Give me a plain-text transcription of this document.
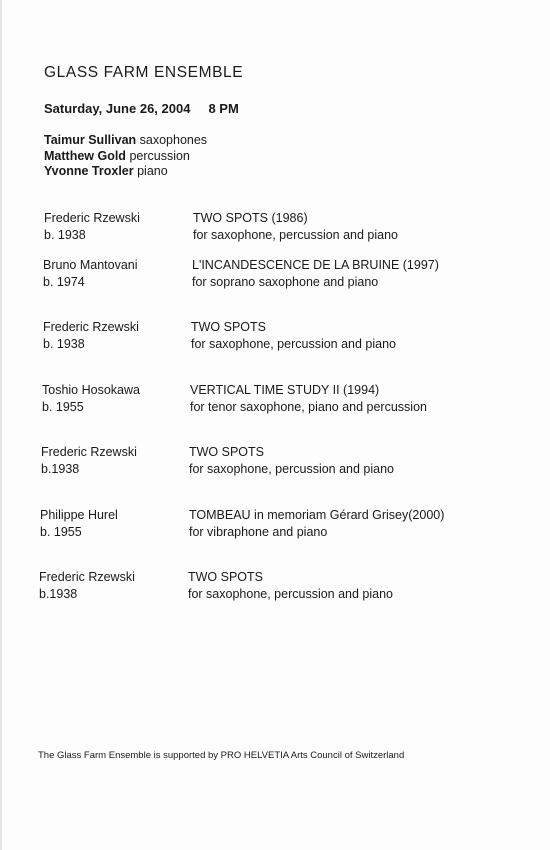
GLASS FARM ENSEMBLE
Saturday, June 26, 2004 8 PM
Taimur Sullivan saxophones
Matthew Gold percussion
Yvonne Troxler piano
Frederic Rzewski
b. 1938
TWO SPOTS (1986)
for saxophone, percussion and piano
Bruno Mantovani
b. 1974
L'INCANDESCENCE DE LA BRUINE (1997)
for soprano saxophone and piano
Frederic Rzewski
b. 1938
TWO SPOTS
for saxophone, percussion and piano
Toshio Hosokawa
b. 1955
VERTICAL TIME STUDY II (1994)
for tenor saxophone, piano and percussion
Frederic Rzewski
b.1938
TWO SPOTS
for saxophone, percussion and piano
Philippe Hurel
b. 1955
TOMBEAU in memoriam Gérard Grisey(2000)
for vibraphone and piano
Frederic Rzewski
b.1938
TWO SPOTS
for saxophone, percussion and piano
The Glass Farm Ensemble is supported by PRO HELVETIA Arts Council of Switzerland
